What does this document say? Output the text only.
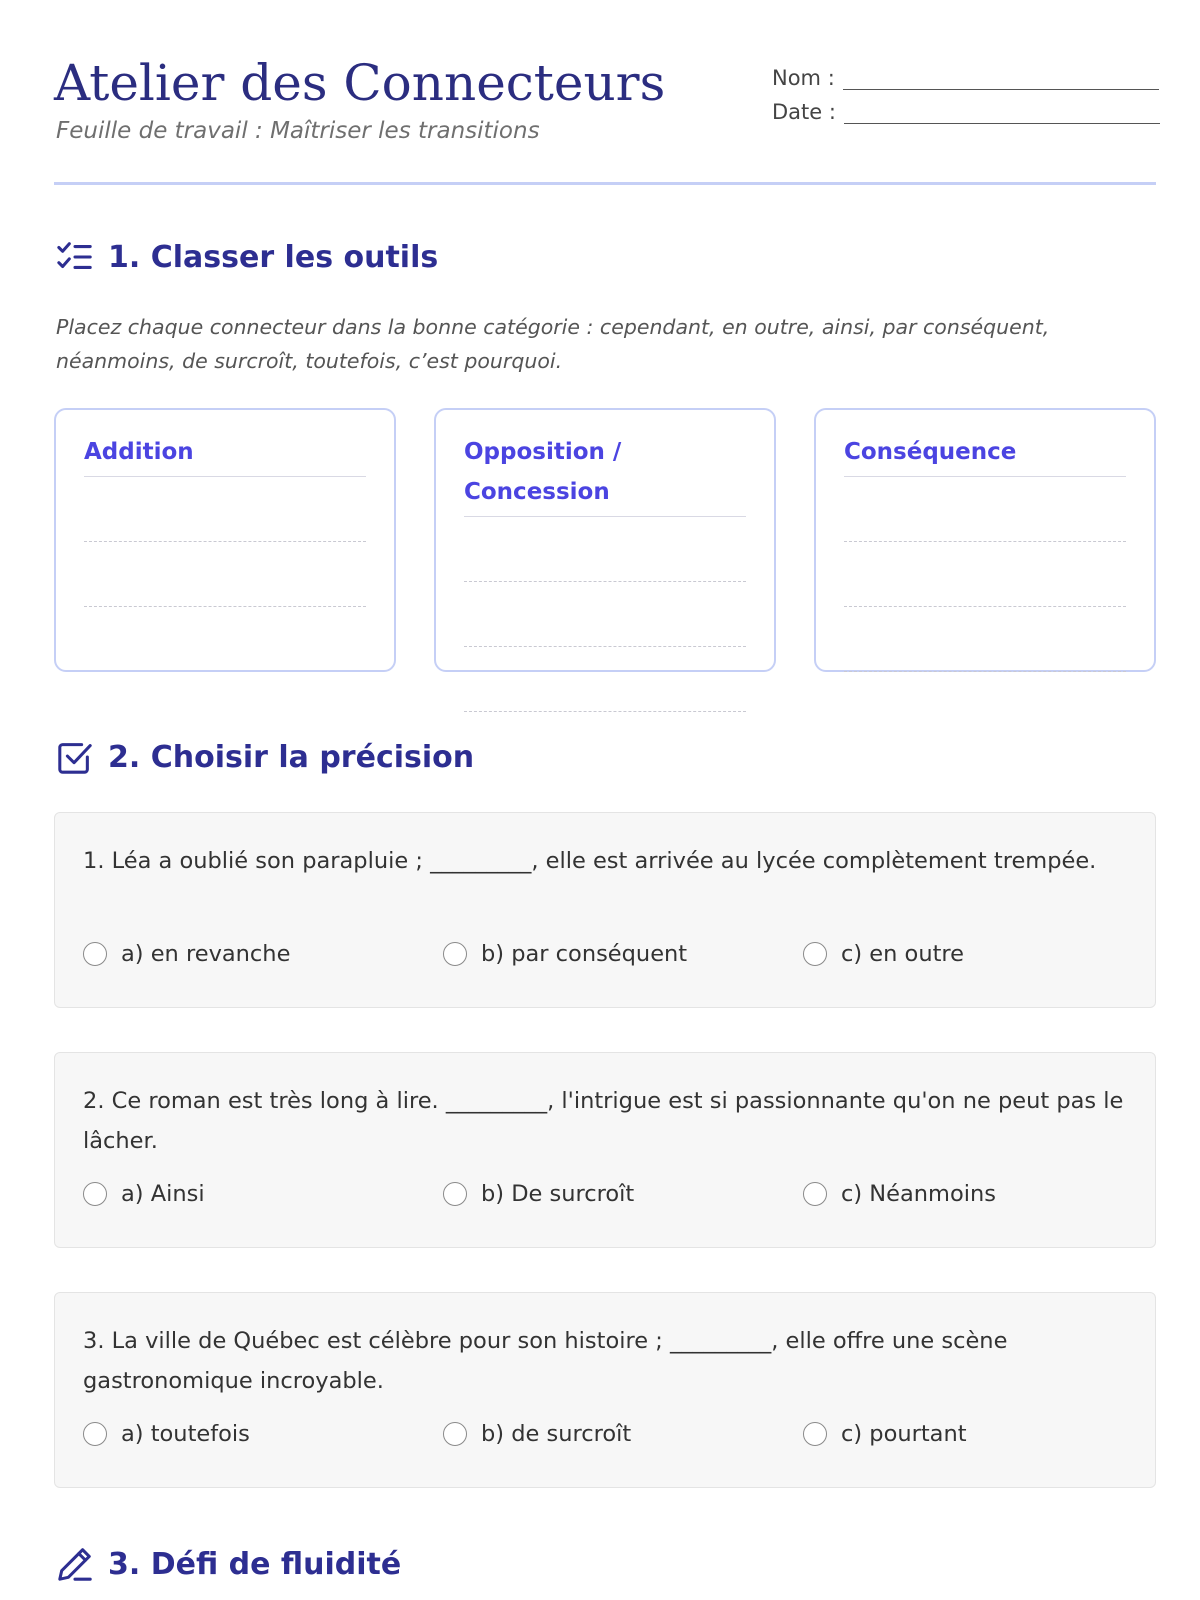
Atelier des Connecteurs
Feuille de travail : Maîtriser les transitions
Nom :
Date :
1. Classer les outils
Placez chaque connecteur dans la bonne catégorie : cependant, en outre, ainsi, par conséquent, néanmoins, de surcroît, toutefois, c’est pourquoi.
Addition	Opposition / Concession
Conséquence
2. Choisir la précision
1. Léa a oublié son parapluie ; _________, elle est arrivée au lycée complètement trempée.
a) en revanche	b) par conséquent	c) en outre
2. Ce roman est très long à lire. _________, l'intrigue est si passionnante qu'on ne peut pas le lâcher.
a) Ainsi	b) De surcroît	c) Néanmoins
3. La ville de Québec est célèbre pour son histoire ; _________, elle offre une scène gastronomique incroyable.
a) toutefois	b) de surcroît	c) pourtant
3. Défi de fluidité
